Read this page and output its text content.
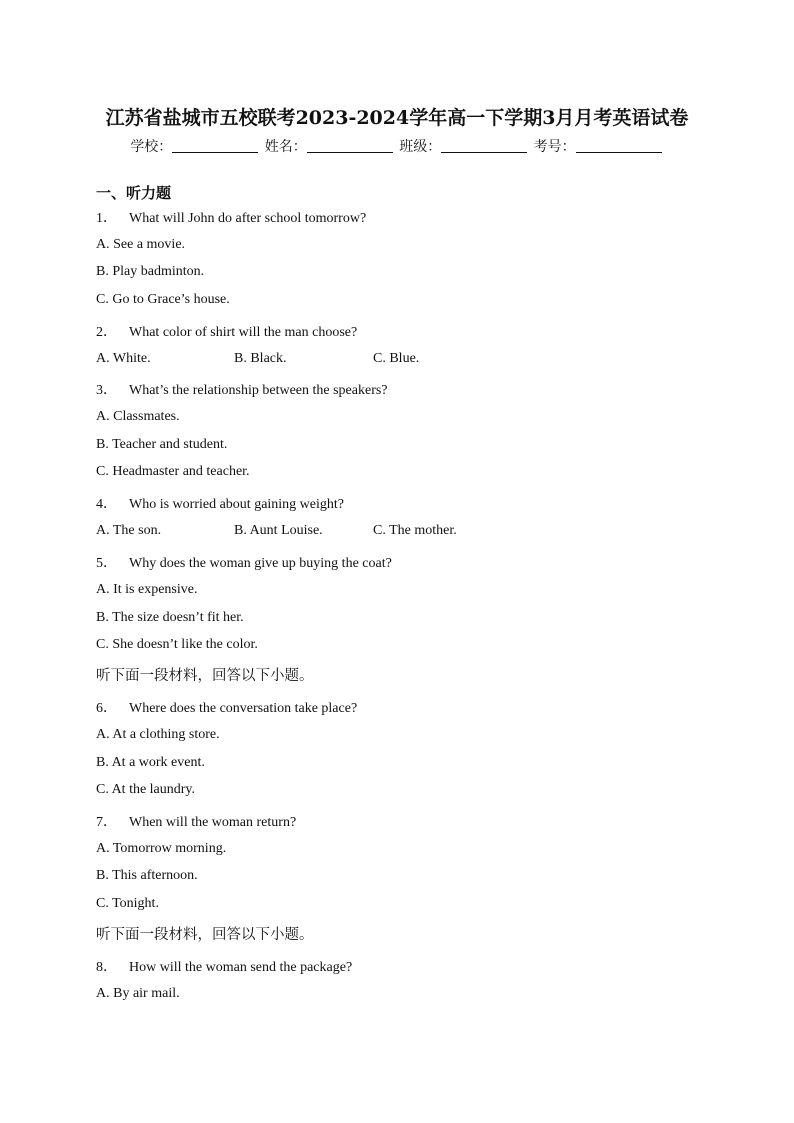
江苏省盐城市五校联考2023-2024学年高一下学期3月月考英语试卷
学校：	姓名：	班级：	考号：
一、听力题
1． What will John do after school tomorrow?
A. See a movie.
B. Play badminton.
C. Go to Grace’s house.
2． What color of shirt will the man choose?
A. White.	B. Black.	C. Blue.
3． What’s the relationship between the speakers?
A. Classmates.
B. Teacher and student.
C. Headmaster and teacher.
4． Who is worried about gaining weight?
A. The son.	B. Aunt Louise.	C. The mother.
5． Why does the woman give up buying the coat?
A. It is expensive.
B. The size doesn’t fit her.
C. She doesn’t like the color.
听下面一段材料，回答以下小题。
6． Where does the conversation take place?
A. At a clothing store.
B. At a work event.
C. At the laundry.
7． When will the woman return?
A. Tomorrow morning.
B. This afternoon.
C. Tonight.
听下面一段材料，回答以下小题。
8． How will the woman send the package?
A. By air mail.
